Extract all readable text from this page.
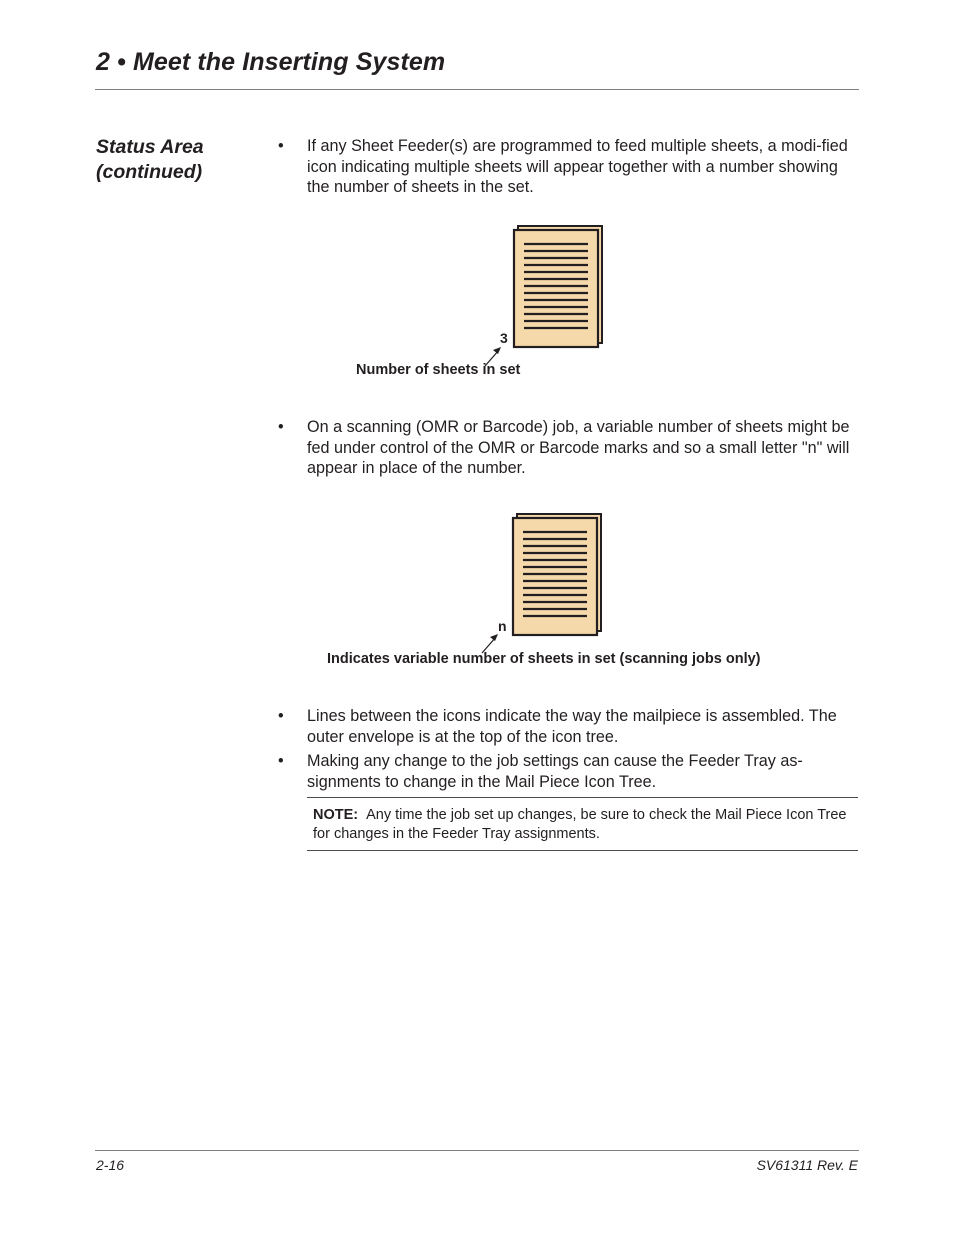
2 • Meet the Inserting System
Status Area (continued)
• If any Sheet Feeder(s) are programmed to feed multiple sheets, a modi-fied icon indicating multiple sheets will appear together with a number showing the number of sheets in the set.
3
Number of sheets in set
• On a scanning (OMR or Barcode) job, a variable number of sheets might be fed under control of the OMR or Barcode marks and so a small letter "n" will appear in place of the number.
n
Indicates variable number of sheets in set (scanning jobs only)
• Lines between the icons indicate the way the mailpiece is assembled. The outer envelope is at the top of the icon tree.
• Making any change to the job settings can cause the Feeder Tray as-signments to change in the Mail Piece Icon Tree.
NOTE: Any time the job set up changes, be sure to check the Mail Piece Icon Tree for changes in the Feeder Tray assignments.
2-16	SV61311 Rev. E
